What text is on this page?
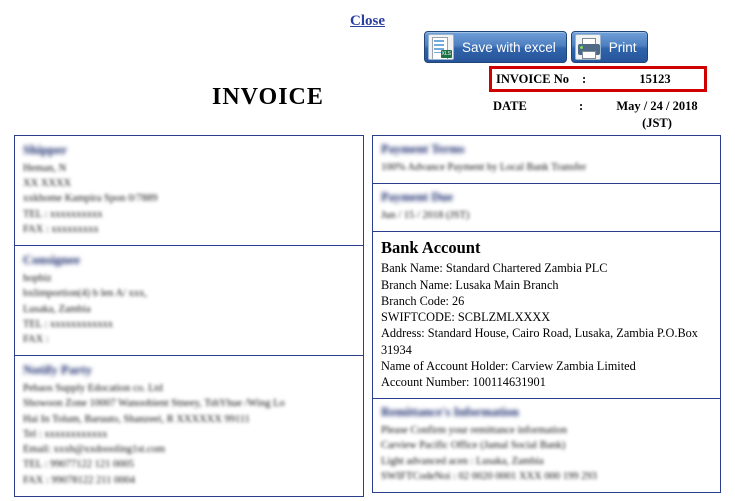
Close
XLS
Save with excel	Print
INVOICE
INVOICE No	:	15123
DATE	:	May / 24 / 2018
(JST)
Shipper
Heman, N
XX XXXX
xxkhome Kampira Spon 0/7889
TEL : xxxxxxxxxx
FAX : xxxxxxxxx
Consignee
hopbiz
bxlimportion(4) b len A/ xxx,
Lusaka, Zambia
TEL : xxxxxxxxxxxx
FAX :
Notify Party
Pebaos Supply Edocation co. Ltd
Showoon Zone 10007 Wanoobient Stneey, TshYhue /Wing Lo
Hai In Tolum, Baruuto, Shanzeei, R XXXXXX 99111
Tel : xxxxxxxxxxxx
Email: xxxh@xxdoooling1st.com
TEL : 99077122 121 0005
FAX : 99078122 211 0004
Payment Terms
100% Advance Payment by Local Bank Transfer
Payment Due
Jun / 15 / 2018 (JST)
Bank Account
Bank Name: Standard Chartered Zambia PLC
Branch Name: Lusaka Main Branch
Branch Code: 26
SWIFTCODE: SCBLZMLXXXX
Address: Standard House, Cairo Road, Lusaka, Zambia P.O.Box 31934
Name of Account Holder: Carview Zambia Limited
Account Number: 100114631901
Remittance's Information
Please Confirm your remittance information
Carview Pacific Office (Jamal Social Bank)
Light advanced acen : Lusaka, Zambia
SWIFTCodeNoi : 02 0020 0001 XXX 000 199 293
